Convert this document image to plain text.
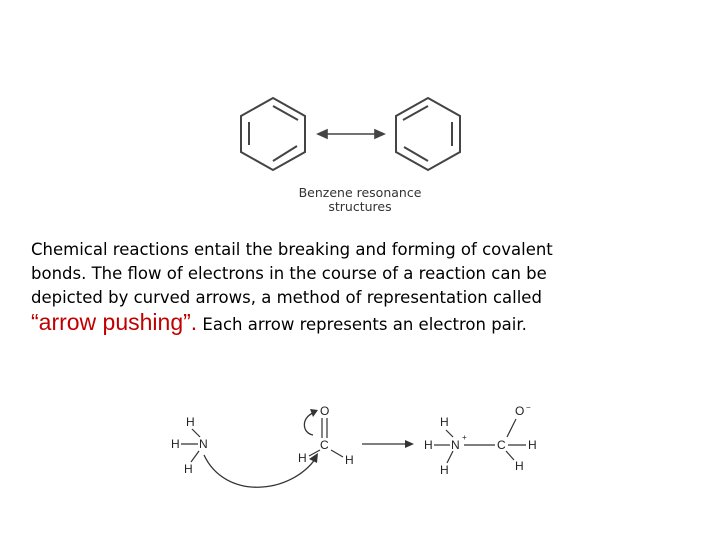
Benzene resonance
structures

Chemical reactions entail the breaking and forming of covalent

bonds. The flow of electrons in the course of a reaction can be

depicted by curved arrows, a method of representation called

“arrow pushing”. Each arrow represents an electron pair.

H
H N
H
O
C
H	H
H
H N
+
H
O −
C H
H
